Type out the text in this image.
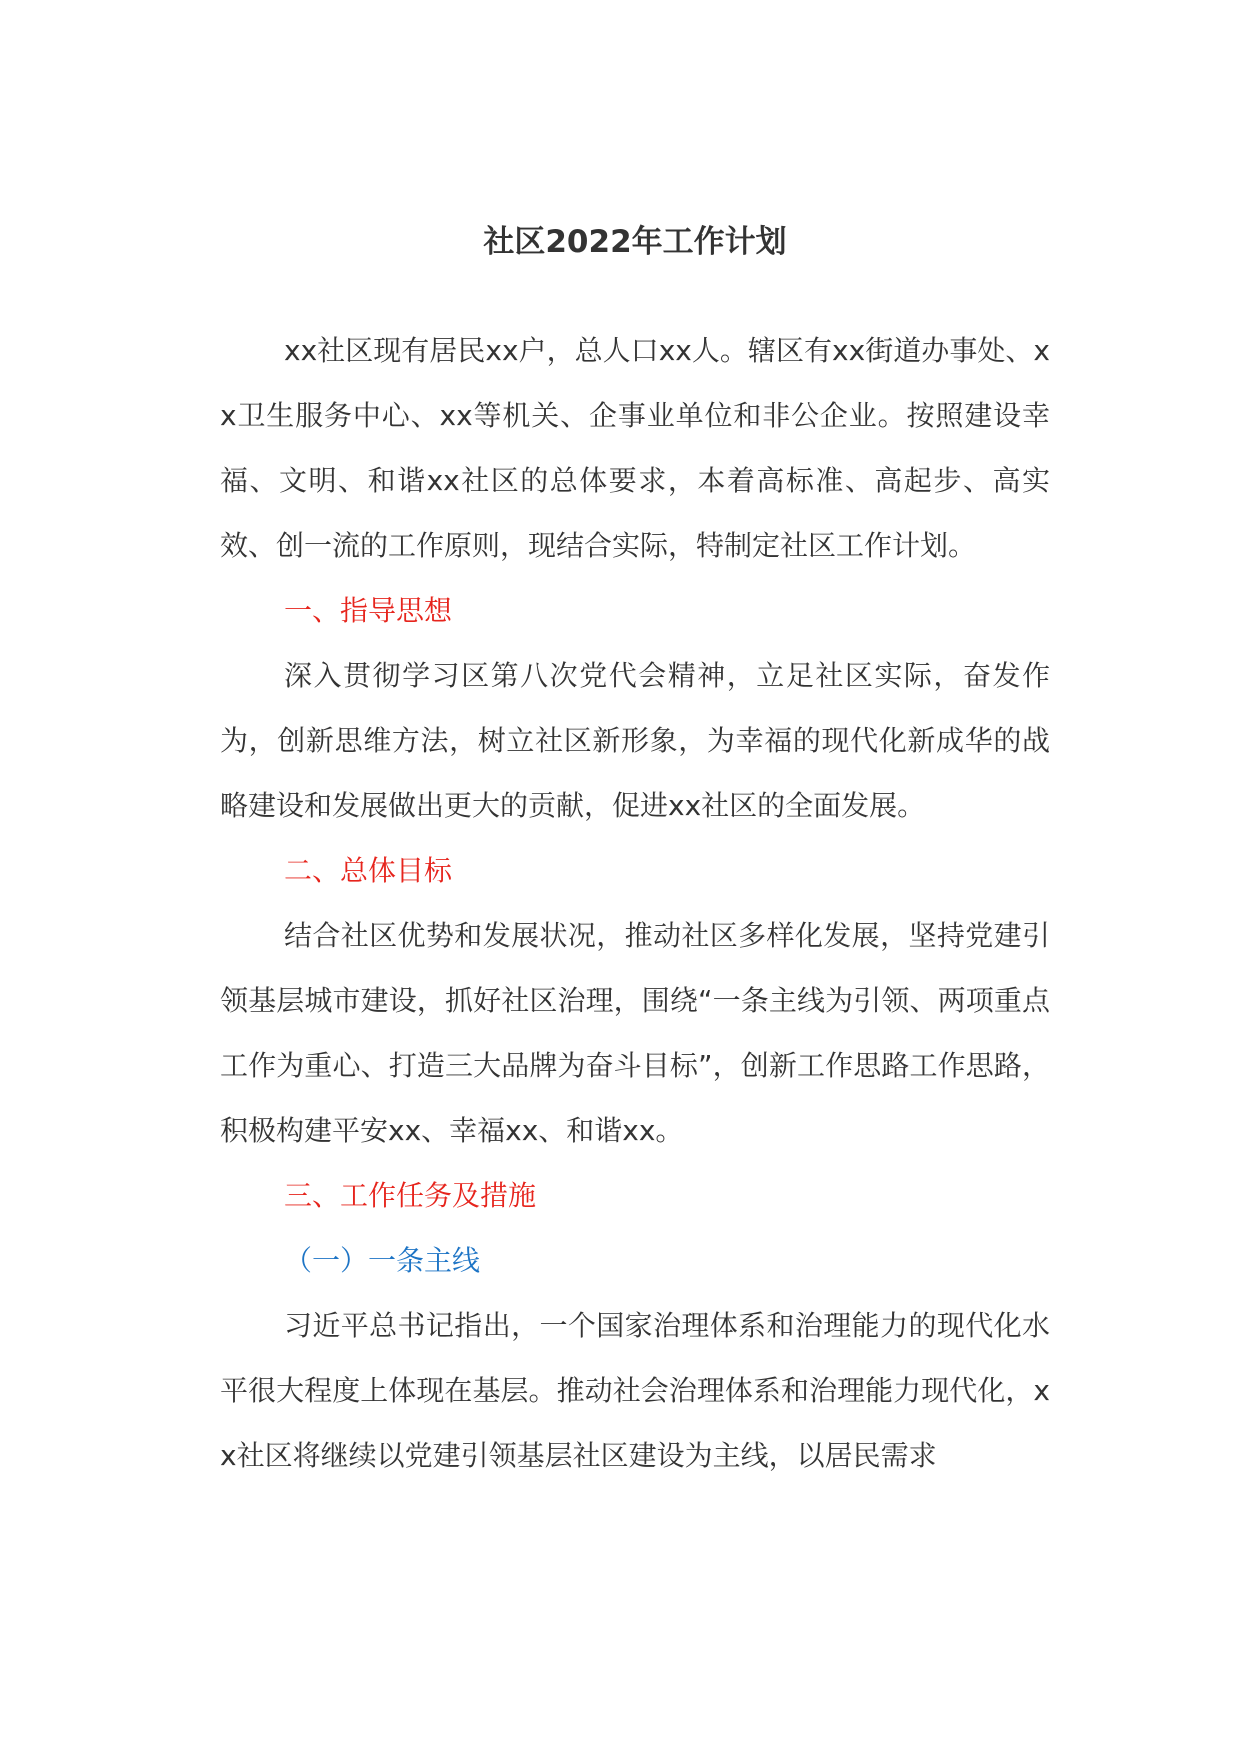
社区2022年工作计划

xx社区现有居民xx户，总人口xx人。辖区有xx街道办事处、xx卫生服务中心、xx等机关、企事业单位和非公企业。按照建设幸福、文明、和谐xx社区的总体要求，本着高标准、高起步、高实效、创一流的工作原则，现结合实际，特制定社区工作计划。

一、指导思想

深入贯彻学习区第八次党代会精神，立足社区实际，奋发作为，创新思维方法，树立社区新形象，为幸福的现代化新成华的战略建设和发展做出更大的贡献，促进xx社区的全面发展。

二、总体目标

结合社区优势和发展状况，推动社区多样化发展，坚持党建引领基层城市建设，抓好社区治理，围绕“一条主线为引领、两项重点工作为重心、打造三大品牌为奋斗目标”，创新工作思路工作思路，积极构建平安xx、幸福xx、和谐xx。

三、工作任务及措施

（一）一条主线

习近平总书记指出，一个国家治理体系和治理能力的现代化水平很大程度上体现在基层。推动社会治理体系和治理能力现代化，xx社区将继续以党建引领基层社区建设为主线，以居民需求
